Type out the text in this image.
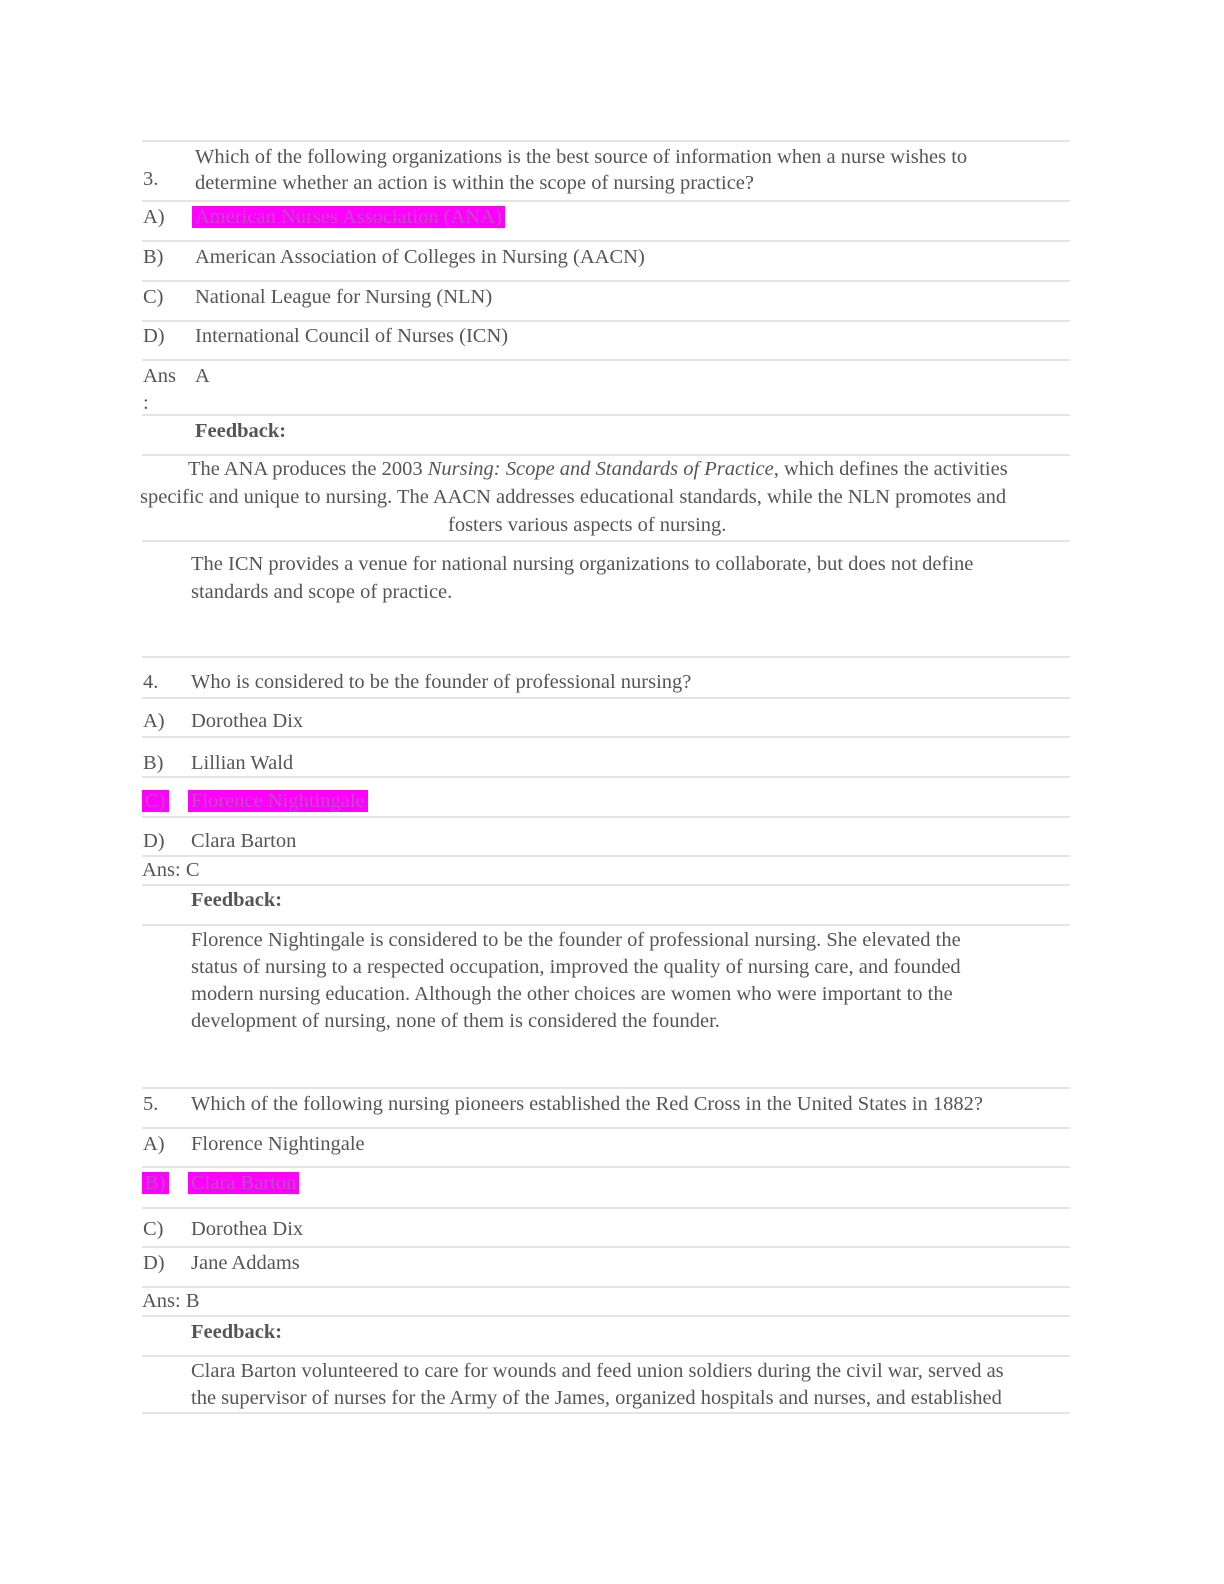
3.
Which of the following organizations is the best source of information when a nurse wishes to
determine whether an action is within the scope of nursing practice?
A) American Nurses Association (ANA)
B) American Association of Colleges in Nursing (AACN)
C) National League for Nursing (NLN)
D) International Council of Nurses (ICN)
Ans
:
A
Feedback:
The ANA produces the 2003 Nursing: Scope and Standards of Practice, which defines the activities
specific and unique to nursing. The AACN addresses educational standards, while the NLN promotes and
fosters various aspects of nursing.
The ICN provides a venue for national nursing organizations to collaborate, but does not define
standards and scope of practice.
4. Who is considered to be the founder of professional nursing?
A) Dorothea Dix
B) Lillian Wald
C) Florence Nightingale
D) Clara Barton
Ans: C
Feedback:
Florence Nightingale is considered to be the founder of professional nursing. She elevated the
status of nursing to a respected occupation, improved the quality of nursing care, and founded
modern nursing education. Although the other choices are women who were important to the
development of nursing, none of them is considered the founder.
5. Which of the following nursing pioneers established the Red Cross in the United States in 1882?
A) Florence Nightingale
B) Clara Barton
C) Dorothea Dix
D) Jane Addams
Ans: B
Feedback:
Clara Barton volunteered to care for wounds and feed union soldiers during the civil war, served as
the supervisor of nurses for the Army of the James, organized hospitals and nurses, and established
